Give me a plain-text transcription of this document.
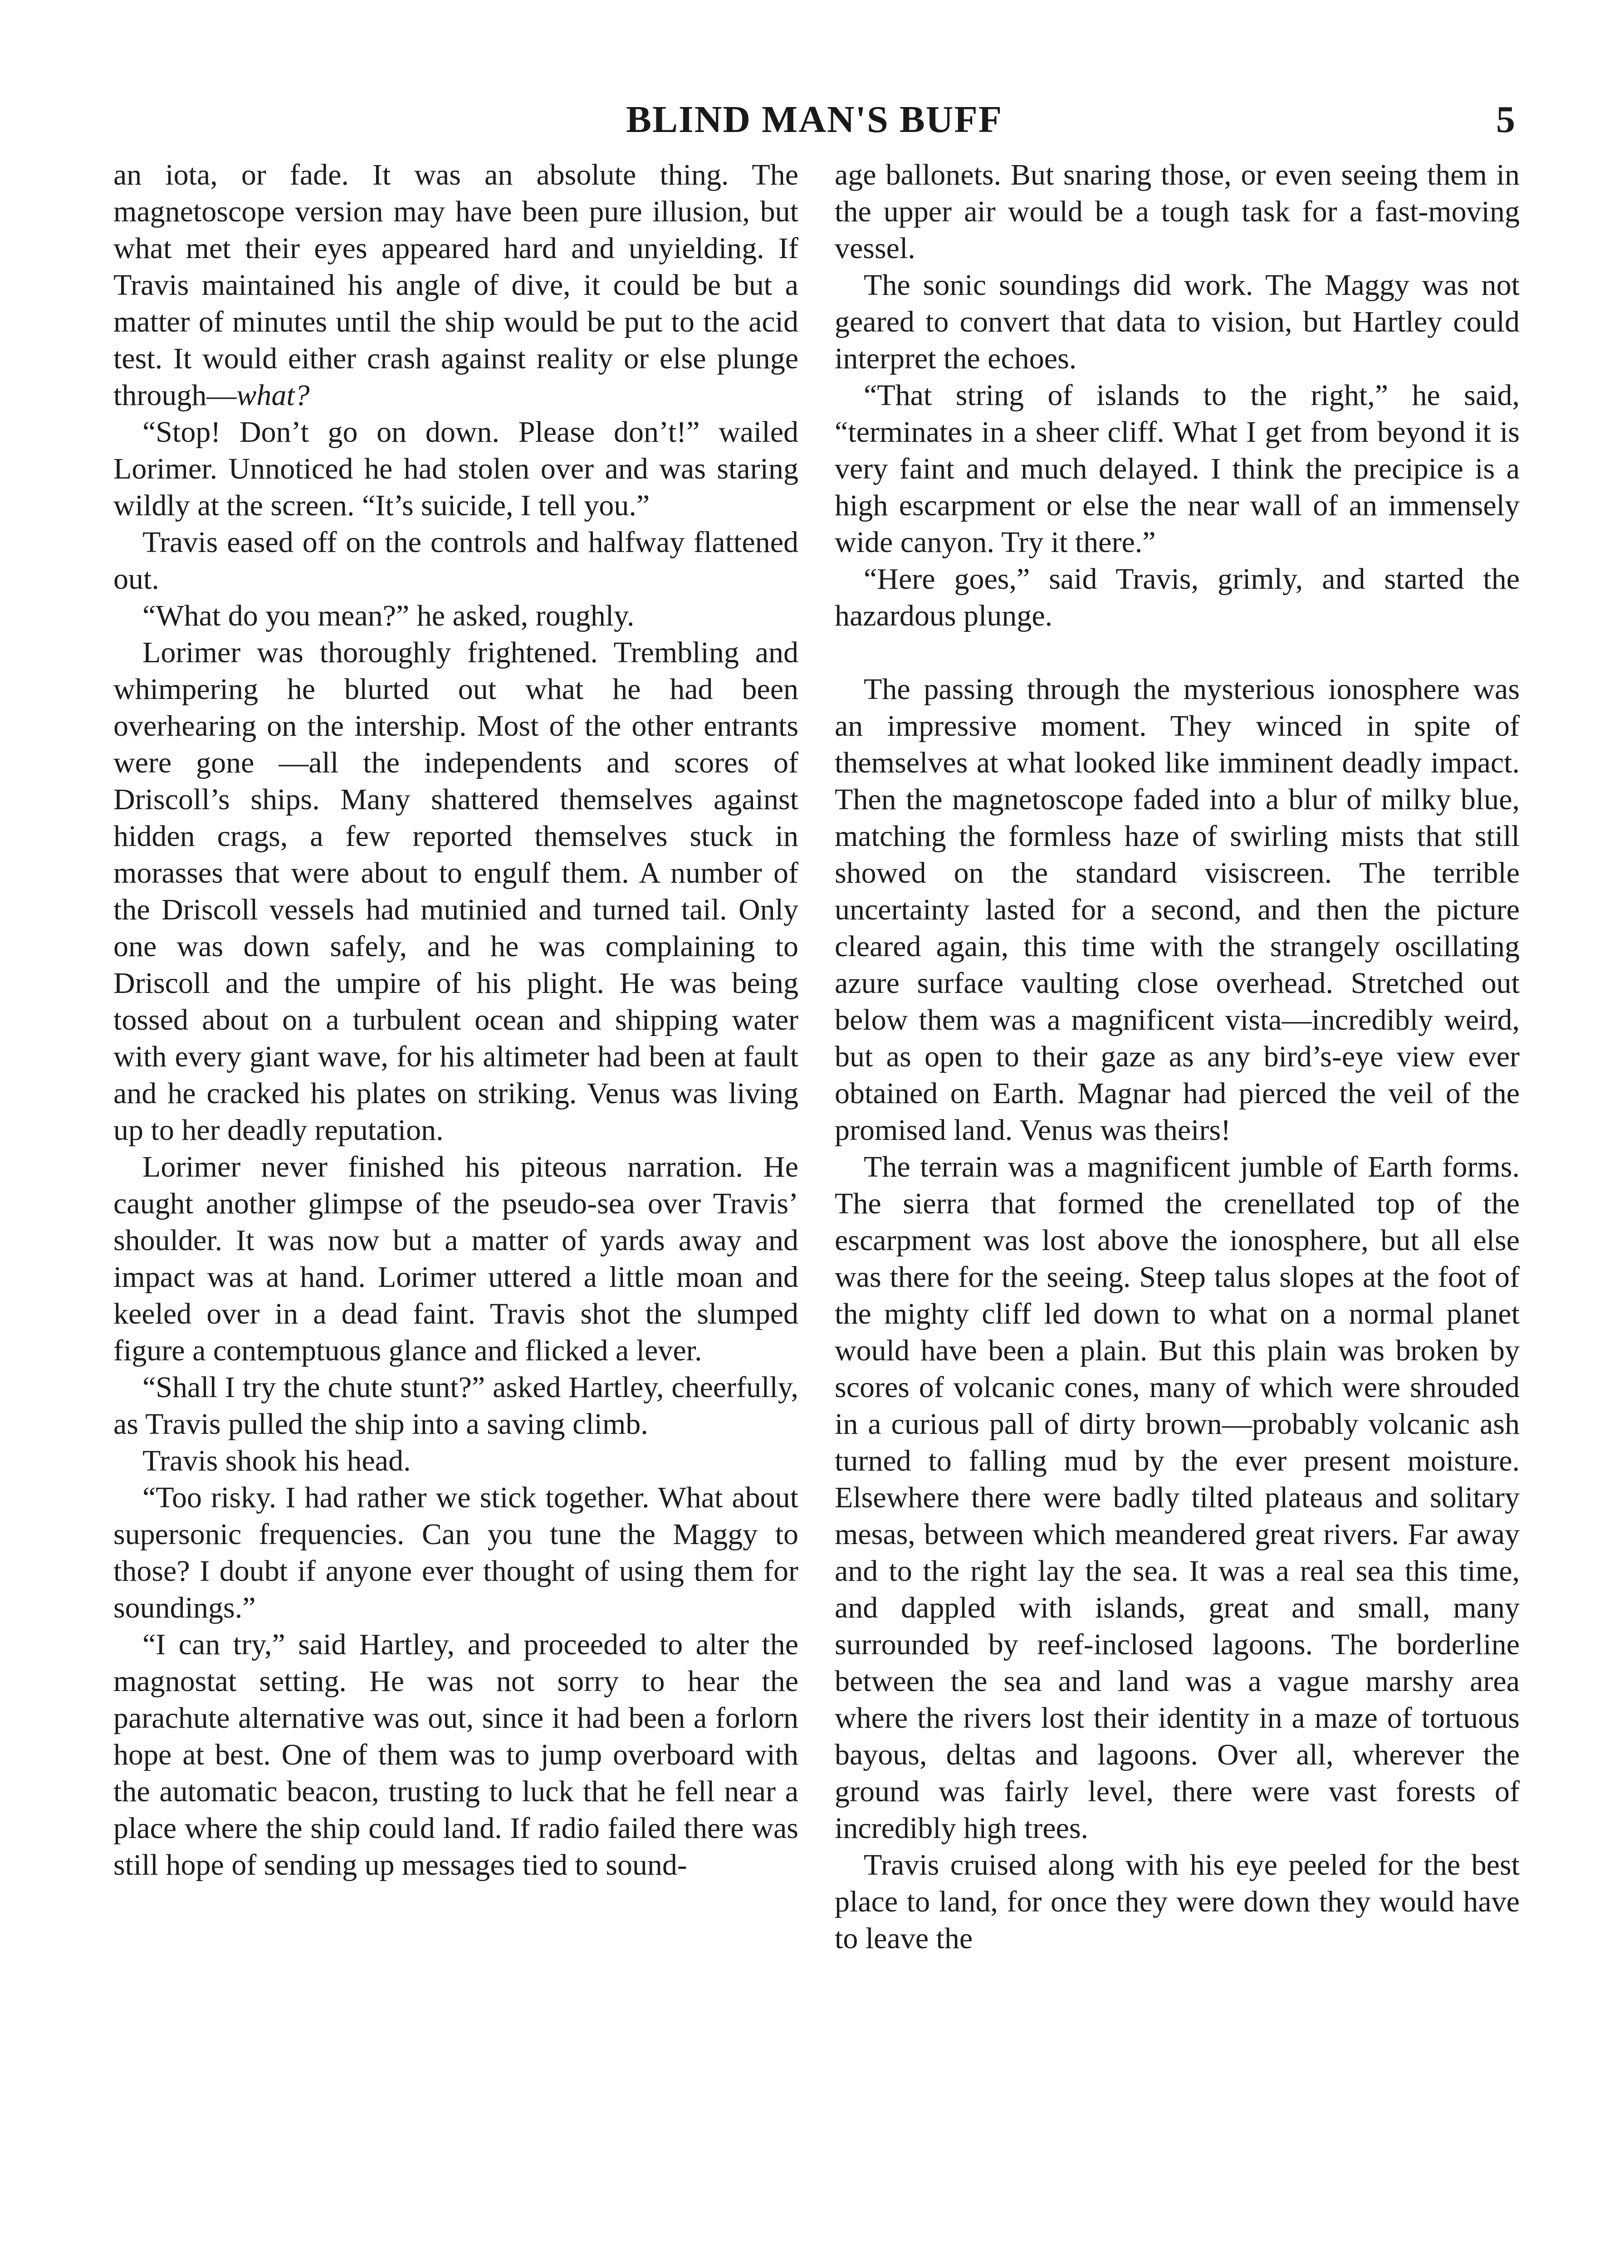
BLIND MAN'S BUFF	5

an iota, or fade. It was an absolute thing. The magnetoscope version may have been pure illusion, but what met their eyes appeared hard and unyielding. If Travis maintained his angle of dive, it could be but a matter of minutes until the ship would be put to the acid test. It would either crash against reality or else plunge through—what?

“Stop! Don’t go on down. Please don’t!” wailed Lorimer. Unnoticed he had stolen over and was staring wildly at the screen. “It’s suicide, I tell you.”

Travis eased off on the controls and halfway flattened out.

“What do you mean?” he asked, roughly.

Lorimer was thoroughly frightened. Trembling and whimpering he blurted out what he had been overhearing on the intership. Most of the other entrants were gone —all the independents and scores of Driscoll’s ships. Many shattered themselves against hidden crags, a few reported themselves stuck in morasses that were about to engulf them. A number of the Driscoll vessels had mutinied and turned tail. Only one was down safely, and he was complaining to Driscoll and the umpire of his plight. He was being tossed about on a turbulent ocean and shipping water with every giant wave, for his altimeter had been at fault and he cracked his plates on striking. Venus was living up to her deadly reputation.

Lorimer never finished his piteous narration. He caught another glimpse of the pseudo-sea over Travis’ shoulder. It was now but a matter of yards away and impact was at hand. Lorimer uttered a little moan and keeled over in a dead faint. Travis shot the slumped figure a contemptuous glance and flicked a lever.

“Shall I try the chute stunt?” asked Hartley, cheerfully, as Travis pulled the ship into a saving climb.

Travis shook his head.

“Too risky. I had rather we stick together. What about supersonic frequencies. Can you tune the Maggy to those? I doubt if anyone ever thought of using them for soundings.”

“I can try,” said Hartley, and proceeded to alter the magnostat setting. He was not sorry to hear the parachute alternative was out, since it had been a forlorn hope at best. One of them was to jump overboard with the automatic beacon, trusting to luck that he fell near a place where the ship could land. If radio failed there was still hope of sending up messages tied to sound-

age ballonets. But snaring those, or even seeing them in the upper air would be a tough task for a fast-moving vessel.

The sonic soundings did work. The Maggy was not geared to convert that data to vision, but Hartley could interpret the echoes.

“That string of islands to the right,” he said, “terminates in a sheer cliff. What I get from beyond it is very faint and much delayed. I think the precipice is a high escarpment or else the near wall of an immensely wide canyon. Try it there.”

“Here goes,” said Travis, grimly, and started the hazardous plunge.

The passing through the mysterious ionosphere was an impressive moment. They winced in spite of themselves at what looked like imminent deadly impact. Then the magnetoscope faded into a blur of milky blue, matching the formless haze of swirling mists that still showed on the standard visiscreen. The terrible uncertainty lasted for a second, and then the picture cleared again, this time with the strangely oscillating azure surface vaulting close overhead. Stretched out below them was a magnificent vista—incredibly weird, but as open to their gaze as any bird’s-eye view ever obtained on Earth. Magnar had pierced the veil of the promised land. Venus was theirs!

The terrain was a magnificent jumble of Earth forms. The sierra that formed the crenellated top of the escarpment was lost above the ionosphere, but all else was there for the seeing. Steep talus slopes at the foot of the mighty cliff led down to what on a normal planet would have been a plain. But this plain was broken by scores of volcanic cones, many of which were shrouded in a curious pall of dirty brown—probably volcanic ash turned to falling mud by the ever present moisture. Elsewhere there were badly tilted plateaus and solitary mesas, between which meandered great rivers. Far away and to the right lay the sea. It was a real sea this time, and dappled with islands, great and small, many surrounded by reef-inclosed lagoons. The borderline between the sea and land was a vague marshy area where the rivers lost their identity in a maze of tortuous bayous, deltas and lagoons. Over all, wherever the ground was fairly level, there were vast forests of incredibly high trees.

Travis cruised along with his eye peeled for the best place to land, for once they were down they would have to leave the
